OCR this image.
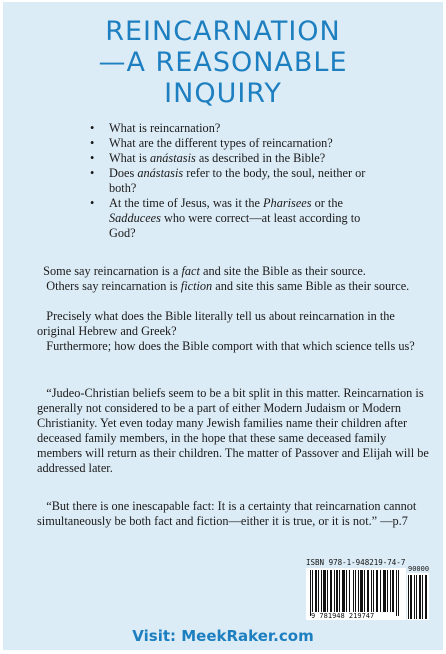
REINCARNATION
—A REASONABLE
INQUIRY
• What is reincarnation?
• What are the different types of reincarnation?
• What is anástasis as described in the Bible?
• Does anástasis refer to the body, the soul, neither or both?
• At the time of Jesus, was it the Pharisees or the Sadducees who were correct—at least according to God?

Some say reincarnation is a fact and site the Bible as their source.

Others say reincarnation is fiction and site this same Bible as their source.

Precisely what does the Bible literally tell us about reincarnation in the original Hebrew and Greek?

Furthermore; how does the Bible comport with that which science tells us?

“Judeo-Christian beliefs seem to be a bit split in this matter. Reincarnation is generally not considered to be a part of either Modern Judaism or Modern Christianity. Yet even today many Jewish families name their children after deceased family members, in the hope that these same deceased family members will return as their children. The matter of Passover and Elijah will be addressed later.

“But there is one inescapable fact: It is a certainty that reincarnation cannot simultaneously be both fact and fiction—either it is true, or it is not.” —p.7

ISBN 978-1-948219-74-7
90000
9 781948 219747
Visit: MeekRaker.com
